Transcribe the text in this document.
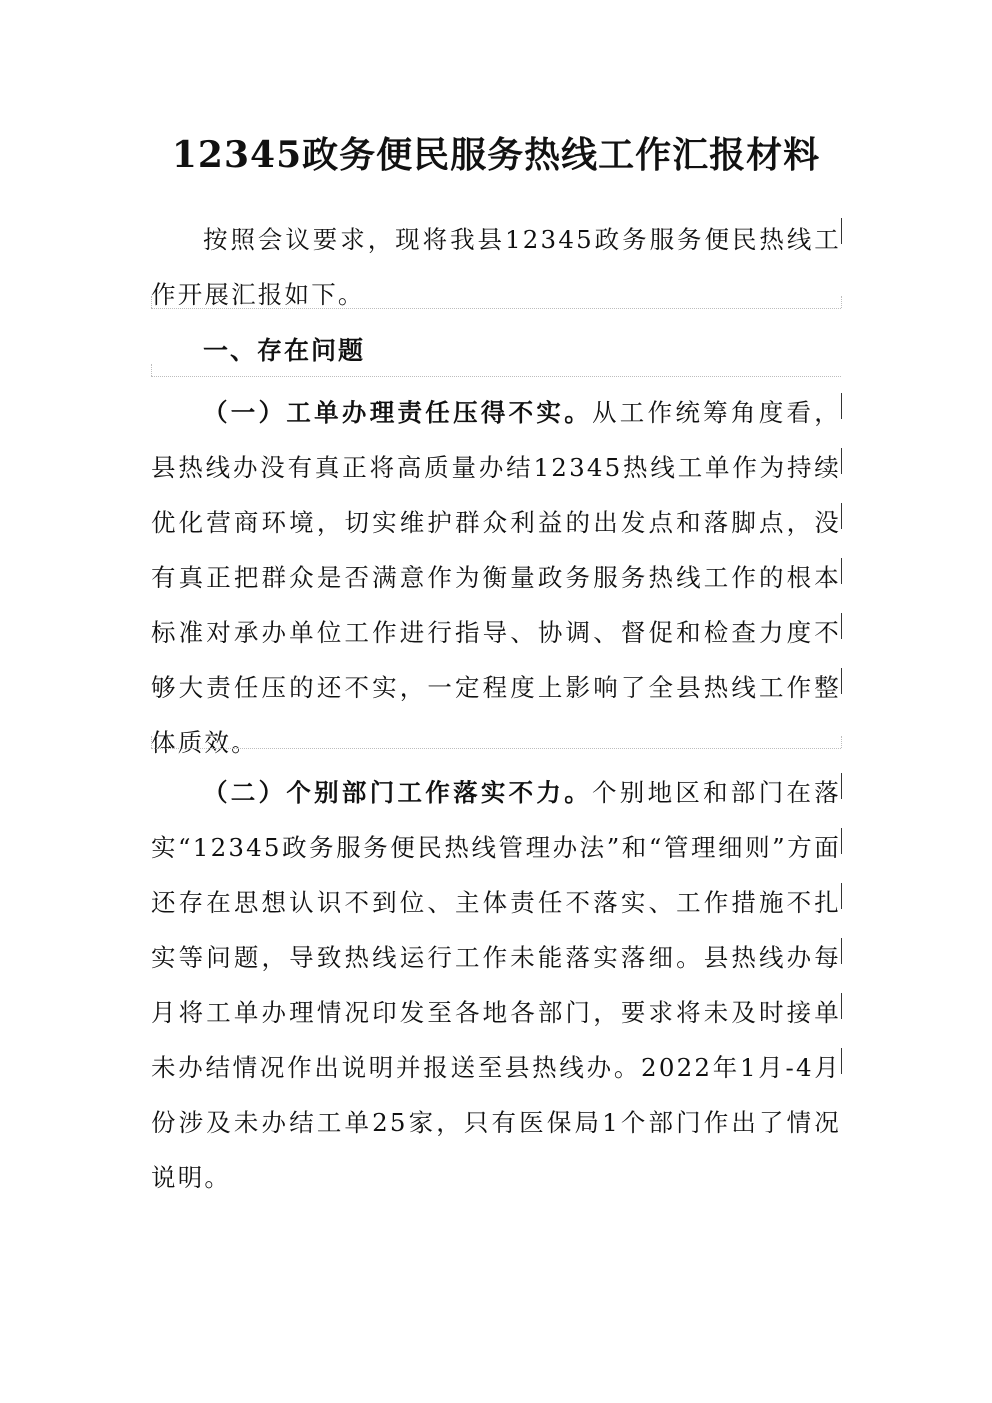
12345政务便民服务热线工作汇报材料

按照会议要求，现将我县12345政务服务便民热线工作开展汇报如下。

一、存在问题

（一）工单办理责任压得不实。从工作统筹角度看，县热线办没有真正将高质量办结12345热线工单作为持续优化营商环境，切实维护群众利益的出发点和落脚点，没有真正把群众是否满意作为衡量政务服务热线工作的根本标准对承办单位工作进行指导、协调、督促和检查力度不够大责任压的还不实，一定程度上影响了全县热线工作整体质效。

（二）个别部门工作落实不力。个别地区和部门在落实“12345政务服务便民热线管理办法”和“管理细则”方面还存在思想认识不到位、主体责任不落实、工作措施不扎实等问题，导致热线运行工作未能落实落细。县热线办每月将工单办理情况印发至各地各部门，要求将未及时接单未办结情况作出说明并报送至县热线办。2022年1月-4月份涉及未办结工单25家，只有医保局1个部门作出了情况说明。
